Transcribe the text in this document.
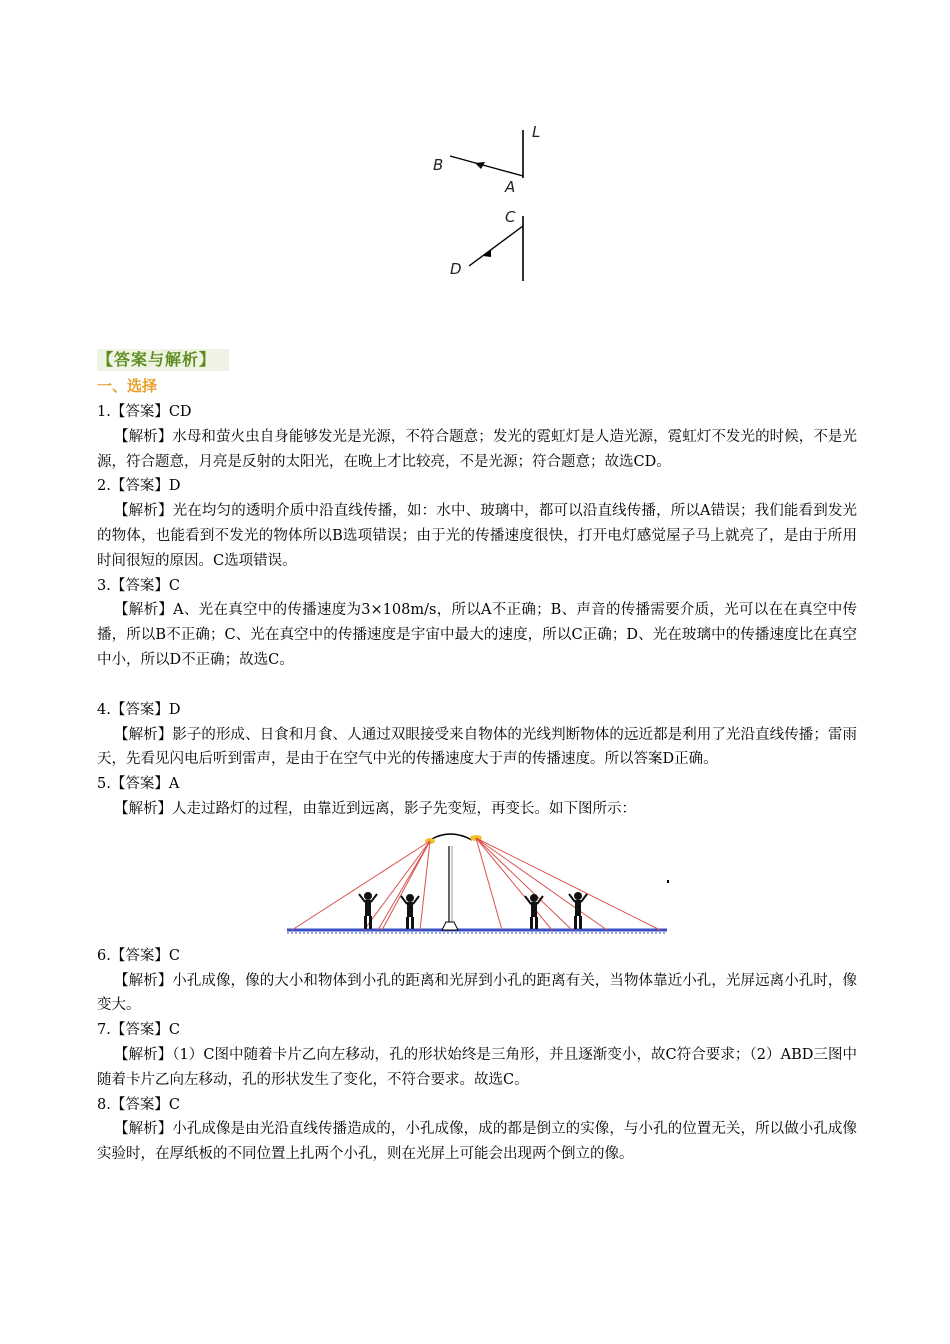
L
B
A
C
D
【答案与解析】
一、选择

1.【答案】CD

【解析】水母和萤火虫自身能够发光是光源，不符合题意；发光的霓虹灯是人造光源，霓虹灯不发光的时候，不是光源，符合题意，月亮是反射的太阳光，在晚上才比较亮，不是光源；符合题意；故选CD。

2.【答案】D

【解析】光在均匀的透明介质中沿直线传播，如：水中、玻璃中，都可以沿直线传播，所以A错误；我们能看到发光的物体，也能看到不发光的物体所以B选项错误；由于光的传播速度很快，打开电灯感觉屋子马上就亮了，是由于所用时间很短的原因。C选项错误。

3.【答案】C

【解析】A、光在真空中的传播速度为3×108m/s，所以A不正确；B、声音的传播需要介质，光可以在在真空中传播，所以B不正确；C、光在真空中的传播速度是宇宙中最大的速度，所以C正确；D、光在玻璃中的传播速度比在真空中小，所以D不正确；故选C。

4.【答案】D

【解析】影子的形成、日食和月食、人通过双眼接受来自物体的光线判断物体的远近都是利用了光沿直线传播；雷雨天，先看见闪电后听到雷声，是由于在空气中光的传播速度大于声的传播速度。所以答案D正确。

5.【答案】A

【解析】人走过路灯的过程，由靠近到远离，影子先变短，再变长。如下图所示：

6.【答案】C

【解析】小孔成像，像的大小和物体到小孔的距离和光屏到小孔的距离有关，当物体靠近小孔，光屏远离小孔时，像变大。

7.【答案】C

【解析】（1）C图中随着卡片乙向左移动，孔的形状始终是三角形，并且逐渐变小，故C符合要求；（2）ABD三图中随着卡片乙向左移动，孔的形状发生了变化，不符合要求。故选C。

8.【答案】C

【解析】小孔成像是由光沿直线传播造成的，小孔成像，成的都是倒立的实像，与小孔的位置无关，所以做小孔成像实验时，在厚纸板的不同位置上扎两个小孔，则在光屏上可能会出现两个倒立的像。
